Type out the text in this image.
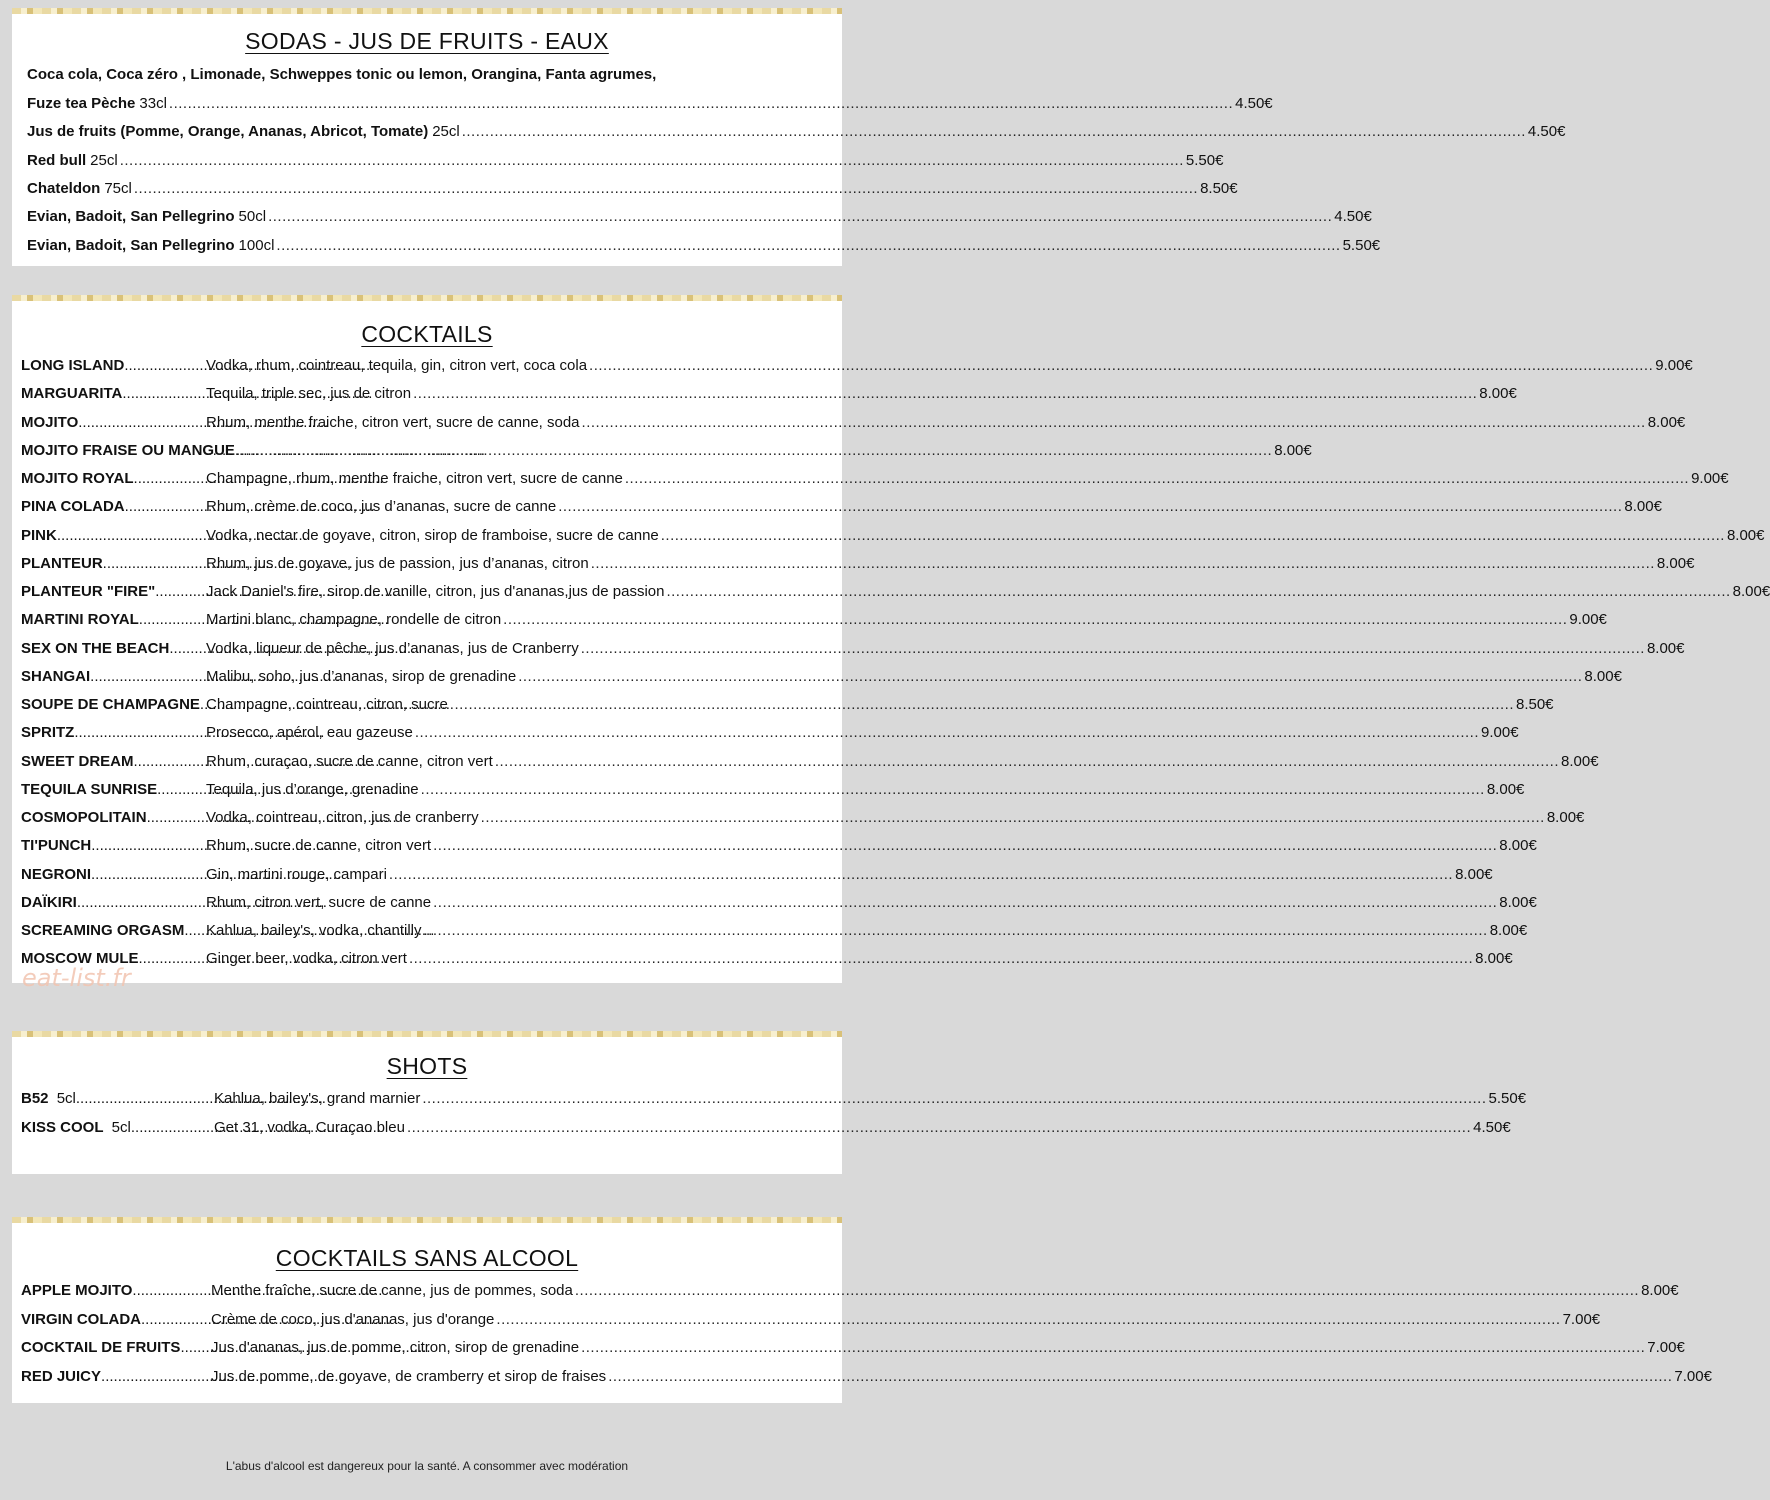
SODAS - JUS DE FRUITS - EAUX
Coca cola, Coca zéro , Limonade, Schweppes tonic ou lemon, Orangina, Fanta agrumes,
Fuze tea Pèche 33cl .....	4.50€
Jus de fruits (Pomme, Orange, Ananas, Abricot, Tomate) 25cl .....	4.50€
Red bull 25cl .....	5.50€
Chateldon 75cl .....	8.50€
Evian, Badoit, San Pellegrino 50cl .....	4.50€
Evian, Badoit, San Pellegrino 100cl .....	5.50€
COCKTAILS
LONG ISLAND .....	Vodka, rhum, cointreau, tequila, gin, citron vert, coca cola .....	9.00€
MARGUARITA .....	Tequila, triple sec, jus de citron .....	8.00€
MOJITO .....	Rhum, menthe fraiche, citron vert, sucre de canne, soda .....	8.00€
MOJITO FRAISE OU MANGUE ..... .....	8.00€
MOJITO ROYAL .....	Champagne, rhum, menthe fraiche, citron vert, sucre de canne .....	9.00€
PINA COLADA .....	Rhum, crème de coco, jus d’ananas, sucre de canne .....	8.00€
PINK .....	Vodka, nectar de goyave, citron, sirop de framboise, sucre de canne .....	8.00€
PLANTEUR .....	Rhum, jus de goyave, jus de passion, jus d’ananas, citron .....	8.00€
PLANTEUR "FIRE" .....	Jack Daniel's fire, sirop de vanille, citron, jus d'ananas,jus de passion .....	8.00€
MARTINI ROYAL .....	Martini blanc, champagne, rondelle de citron .....	9.00€
SEX ON THE BEACH .....	Vodka, liqueur de pêche, jus d’ananas, jus de Cranberry .....	8.00€
SHANGAI .....	Malibu, soho, jus d’ananas, sirop de grenadine .....	8.00€
SOUPE DE CHAMPAGNE ..... Champagne, cointreau, citron, sucre .....	8.50€
SPRITZ .....	Prosecco, apérol, eau gazeuse .....	9.00€
SWEET DREAM .....	Rhum, curaçao, sucre de canne, citron vert .....	8.00€
TEQUILA SUNRISE .....	Tequila, jus d’orange, grenadine .....	8.00€
COSMOPOLITAIN .....	Vodka, cointreau, citron, jus de cranberry .....	8.00€
TI'PUNCH .....	Rhum, sucre de canne, citron vert .....	8.00€
NEGRONI .....	Gin, martini rouge, campari .....	8.00€
DAÏKIRI .....	Rhum, citron vert, sucre de canne .....	8.00€
SCREAMING ORGASM .....	Kahlua, bailey's, vodka, chantilly .....	8.00€
MOSCOW MULE .....	Ginger beer, vodka, citron vert .....	8.00€
SHOTS
B52 5cl .....	Kahlua, bailey's, grand marnier .....	5.50€
KISS COOL 5cl .....	Get 31, vodka, Curaçao bleu .....	4.50€
COCKTAILS SANS ALCOOL
APPLE MOJITO .....	Menthe fraîche, sucre de canne, jus de pommes, soda .....	8.00€
VIRGIN COLADA .....	Crème de coco, jus d'ananas, jus d'orange .....	7.00€
COCKTAIL DE FRUITS .....	Jus d'ananas, jus de pomme, citron, sirop de grenadine .....	7.00€
RED JUICY .....	Jus de pomme, de goyave, de cramberry et sirop de fraises .....	7.00€
eat-list.fr
L'abus d'alcool est dangereux pour la santé. A consommer avec modération
